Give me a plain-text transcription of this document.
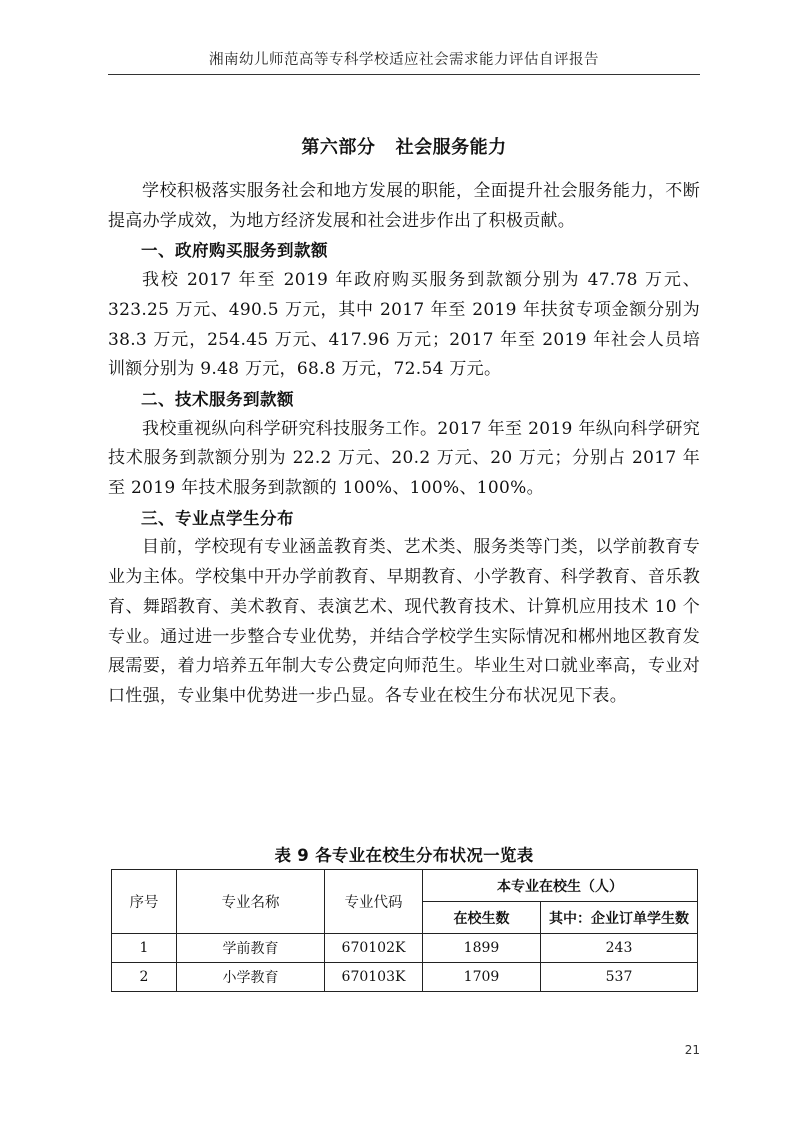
湘南幼儿师范高等专科学校适应社会需求能力评估自评报告
第六部分   社会服务能力

学校积极落实服务社会和地方发展的职能，全面提升社会服务能力，不断提高办学成效，为地方经济发展和社会进步作出了积极贡献。

一、政府购买服务到款额

我校 2017 年至 2019 年政府购买服务到款额分别为 47.78 万元、323.25 万元、490.5 万元，其中 2017 年至 2019 年扶贫专项金额分别为 38.3 万元，254.45 万元、417.96 万元；2017 年至 2019 年社会人员培训额分别为 9.48 万元，68.8 万元，72.54 万元。

二、技术服务到款额

我校重视纵向科学研究科技服务工作。2017 年至 2019 年纵向科学研究技术服务到款额分别为 22.2 万元、20.2 万元、20 万元；分别占 2017 年至 2019 年技术服务到款额的 100%、100%、100%。

三、专业点学生分布

目前，学校现有专业涵盖教育类、艺术类、服务类等门类，以学前教育专业为主体。学校集中开办学前教育、早期教育、小学教育、科学教育、音乐教育、舞蹈教育、美术教育、表演艺术、现代教育技术、计算机应用技术 10 个专业。通过进一步整合专业优势，并结合学校学生实际情况和郴州地区教育发展需要，着力培养五年制大专公费定向师范生。毕业生对口就业率高，专业对口性强，专业集中优势进一步凸显。各专业在校生分布状况见下表。

表 9 各专业在校生分布状况一览表
序号	专业名称	专业代码	本专业在校生（人）	
			在校生数	其中：企业订单学生数
1	学前教育	670102K	1899	243
2	小学教育	670103K	1709	537
21
